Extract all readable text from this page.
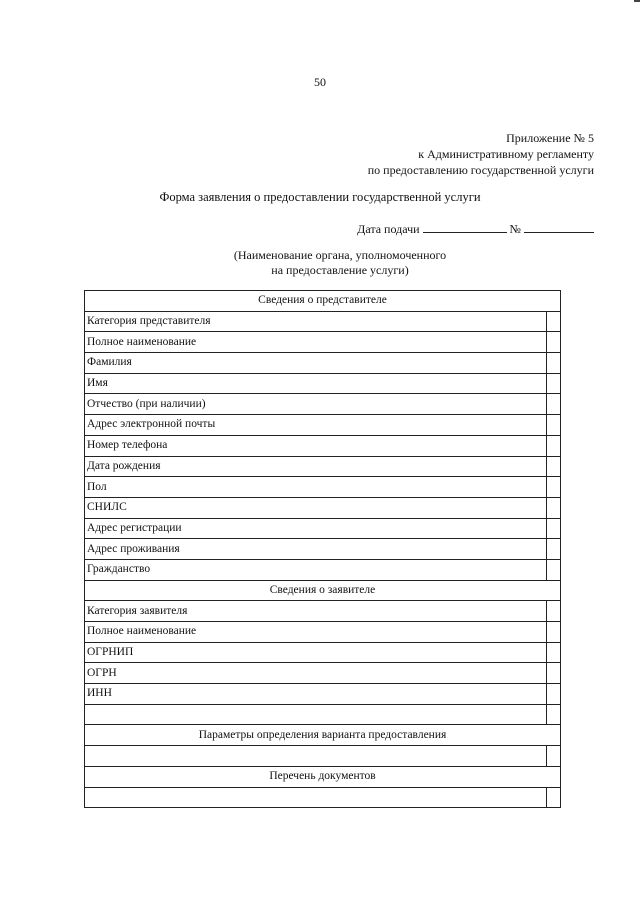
50
Приложение № 5
к Административному регламенту
по предоставлению государственной услуги
Форма заявления о предоставлении государственной услуги
Дата подачи	№
(Наименование органа, уполномоченного
на предоставление услуги)
Сведения о представителе	
Категория представителя	
Полное наименование	
Фамилия	
Имя	
Отчество (при наличии)	
Адрес электронной почты	
Номер телефона	
Дата рождения	
Пол	
СНИЛС	
Адрес регистрации	
Адрес проживания	
Гражданство	
Сведения о заявителе	
Категория заявителя	
Полное наименование	
ОГРНИП	
ОГРН	
ИНН	

Параметры определения варианта предоставления	

Перечень документов	
